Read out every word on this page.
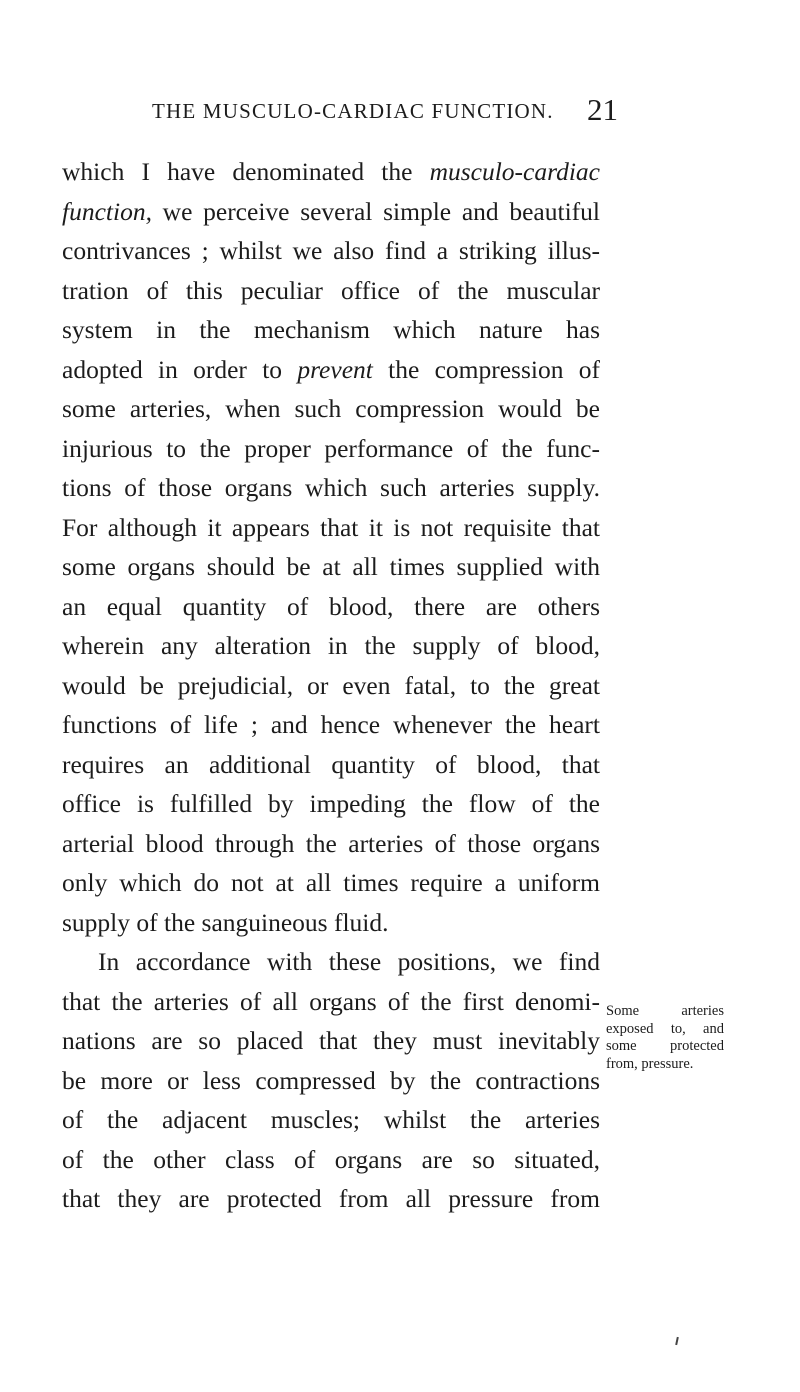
THE MUSCULO-CARDIAC FUNCTION. 21
which I have denominated the musculo-cardiac
function, we perceive several simple and beautiful
contrivances ; whilst we also find a striking illus-
tration of this peculiar office of the muscular
system in the mechanism which nature has
adopted in order to prevent the compression of
some arteries, when such compression would be
injurious to the proper performance of the func-
tions of those organs which such arteries supply.
For although it appears that it is not requisite that
some organs should be at all times supplied with
an equal quantity of blood, there are others
wherein any alteration in the supply of blood,
would be prejudicial, or even fatal, to the great
functions of life ; and hence whenever the heart
requires an additional quantity of blood, that
office is fulfilled by impeding the flow of the
arterial blood through the arteries of those organs
only which do not at all times require a uniform
supply of the sanguineous fluid.
In accordance with these positions, we find
that the arteries of all organs of the first denomi-
nations are so placed that they must inevitably
be more or less compressed by the contractions
of the adjacent muscles; whilst the arteries
of the other class of organs are so situated,
that they are protected from all pressure from
Some arteries
exposed to, and
some protected
from, pressure.
